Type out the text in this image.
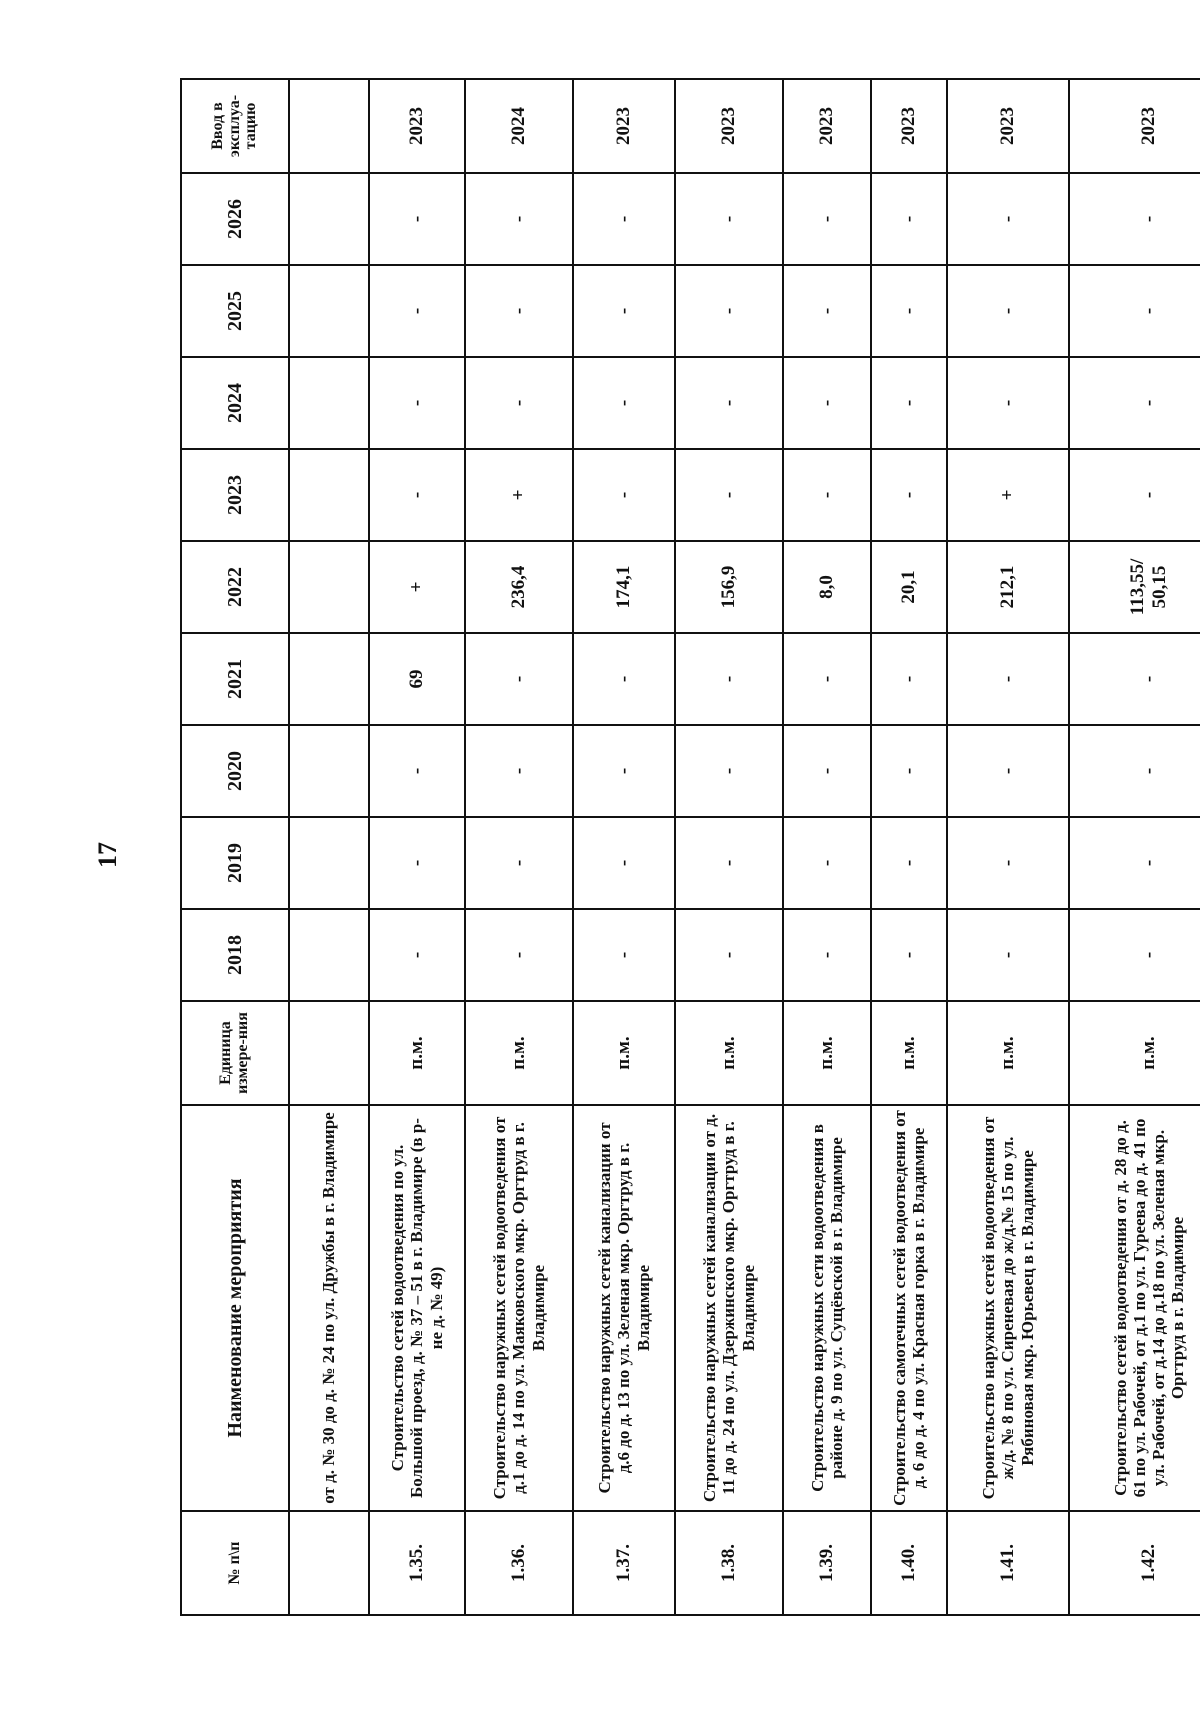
17
№ п\п	Наименование мероприятия	Единица измере-ния	2018	2019	2020	2021	2022	2023	2024	2025	2026	Ввод в эксплуа-тацию
	от д. № 30 до д. № 24 по ул. Дружбы в г. Владимире											
1.35.	Строительство сетей водоотведения по ул. Большой проезд, д. № 37 – 51 в г. Владимире (в р-не д. № 49)	п.м.	-	-	-	69	+	-	-	-	-	2023
1.36.	Строительство наружных сетей водоотведения от д.1 до д. 14 по ул. Маяковского мкр. Оргтруд в г. Владимире	п.м.	-	-	-	-	236,4	+	-	-	-	2024
1.37.	Строительство наружных сетей канализации от д.6 до д. 13 по ул. Зеленая мкр. Оргтруд в г. Владимире	п.м.	-	-	-	-	174,1	-	-	-	-	2023
1.38.	Строительство наружных сетей канализации от д. 11 до д. 24 по ул. Дзержинского мкр. Оргтруд в г. Владимире	п.м.	-	-	-	-	156,9	-	-	-	-	2023
1.39.	Строительство наружных сети водоотведения в районе д. 9 по ул. Сущёвской в г. Владимире	п.м.	-	-	-	-	8,0	-	-	-	-	2023
1.40.	Строительство самотечных сетей водоотведения от д. 6 до д. 4 по ул. Красная горка в г. Владимире	п.м.	-	-	-	-	20,1	-	-	-	-	2023
1.41.	Строительство наружных сетей водоотведения от ж/д. № 8 по ул. Сиреневая до ж/д.№ 15 по ул. Рябиновая мкр. Юрьевец в г. Владимире	п.м.	-	-	-	-	212,1	+	-	-	-	2023
1.42.	Строительство сетей водоотведения от д. 28 до д. 61 по ул. Рабочей, от д.1 по ул. Гуреева до д. 41 по ул. Рабочей, от д.14 до д.18 по ул. Зеленая мкр. Оргтруд в г. Владимире	п.м.	-	-	-	-	113,55/ 50,15	-	-	-	-	2023
